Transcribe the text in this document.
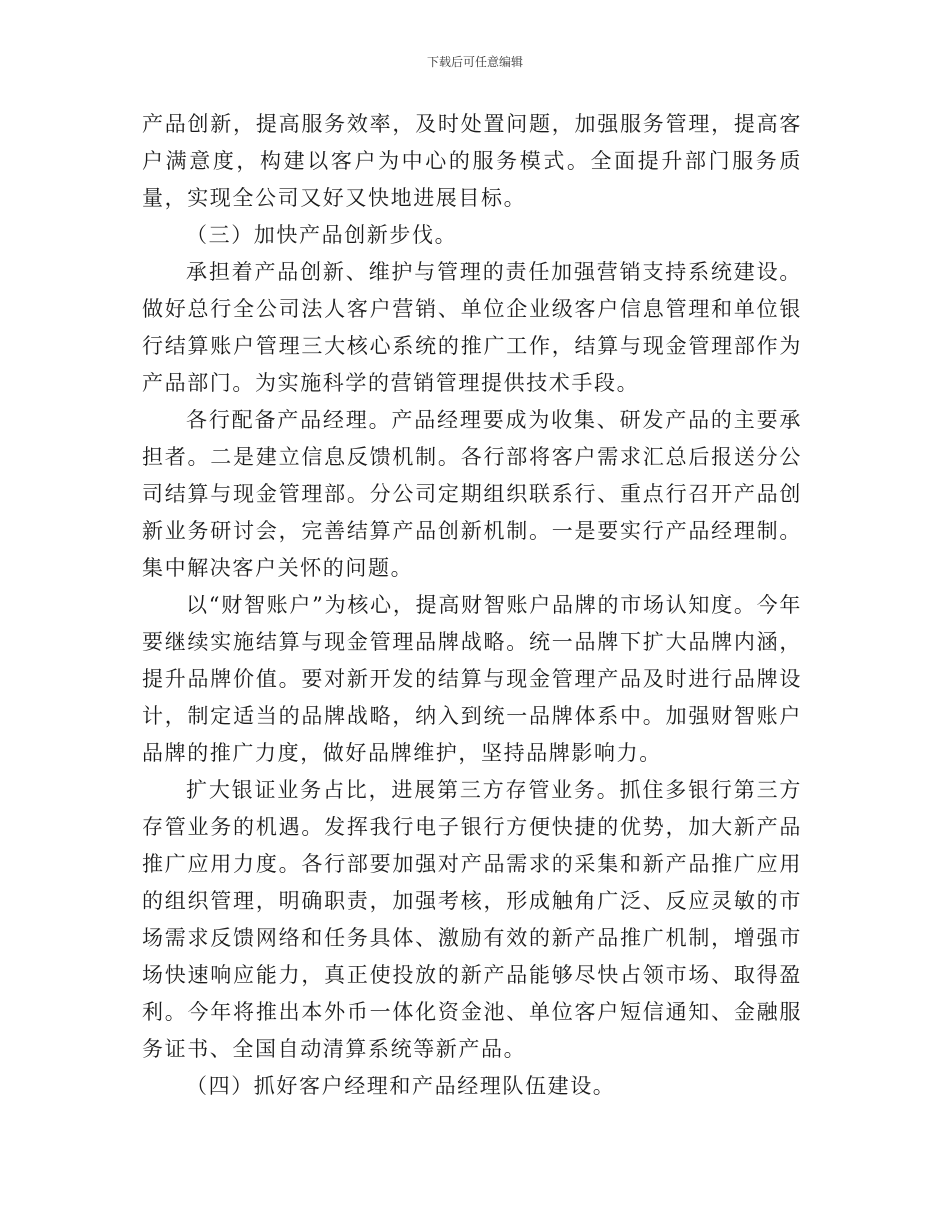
下载后可任意编辑

产品创新，提高服务效率，及时处置问题，加强服务管理，提高客户满意度，构建以客户为中心的服务模式。全面提升部门服务质量，实现全公司又好又快地进展目标。

（三）加快产品创新步伐。

承担着产品创新、维护与管理的责任加强营销支持系统建设。做好总行全公司法人客户营销、单位企业级客户信息管理和单位银行结算账户管理三大核心系统的推广工作，结算与现金管理部作为产品部门。为实施科学的营销管理提供技术手段。

各行配备产品经理。产品经理要成为收集、研发产品的主要承担者。二是建立信息反馈机制。各行部将客户需求汇总后报送分公司结算与现金管理部。分公司定期组织联系行、重点行召开产品创新业务研讨会，完善结算产品创新机制。一是要实行产品经理制。集中解决客户关怀的问题。

以“财智账户”为核心，提高财智账户品牌的市场认知度。今年要继续实施结算与现金管理品牌战略。统一品牌下扩大品牌内涵，提升品牌价值。要对新开发的结算与现金管理产品及时进行品牌设计，制定适当的品牌战略，纳入到统一品牌体系中。加强财智账户品牌的推广力度，做好品牌维护，坚持品牌影响力。

扩大银证业务占比，进展第三方存管业务。抓住多银行第三方存管业务的机遇。发挥我行电子银行方便快捷的优势，加大新产品推广应用力度。各行部要加强对产品需求的采集和新产品推广应用的组织管理，明确职责，加强考核，形成触角广泛、反应灵敏的市场需求反馈网络和任务具体、激励有效的新产品推广机制，增强市场快速响应能力，真正使投放的新产品能够尽快占领市场、取得盈利。今年将推出本外币一体化资金池、单位客户短信通知、金融服务证书、全国自动清算系统等新产品。

（四）抓好客户经理和产品经理队伍建设。
